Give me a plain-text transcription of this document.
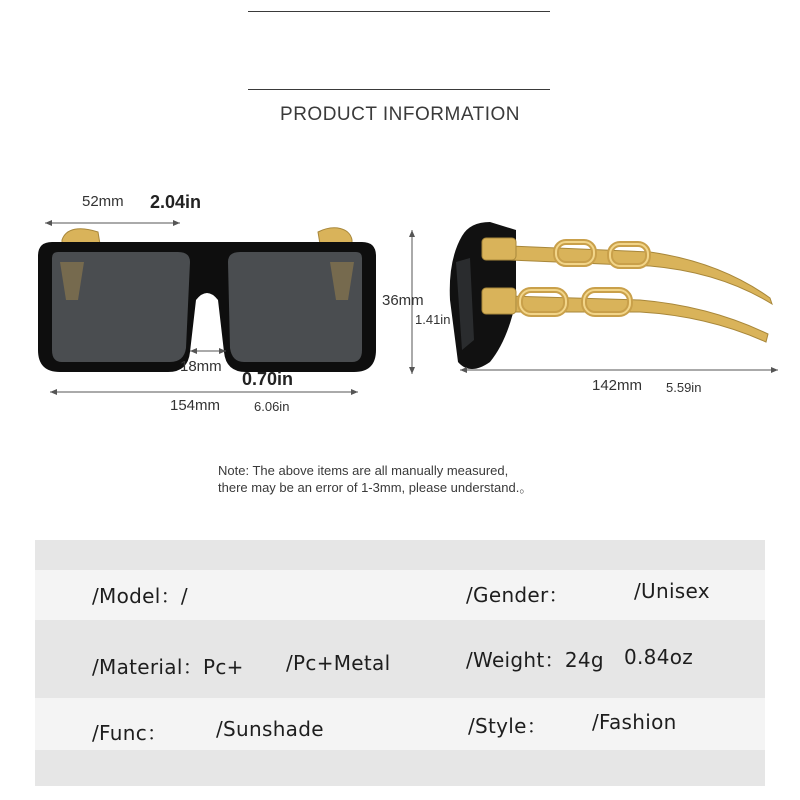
PRODUCT INFORMATION
52mm 2.04in
18mm
0.70in
154mm	6.06in
36mm
1.41in
142mm 5.59in
Note: The above items are all manually measured,
there may be an error of 1-3mm, please understand.。
/Model：/	/Gender：	/Unisex
/Material：Pc+ /Pc+Metal	/Weight：24g 0.84oz
/Func： /Sunshade	/Style： /Fashion
